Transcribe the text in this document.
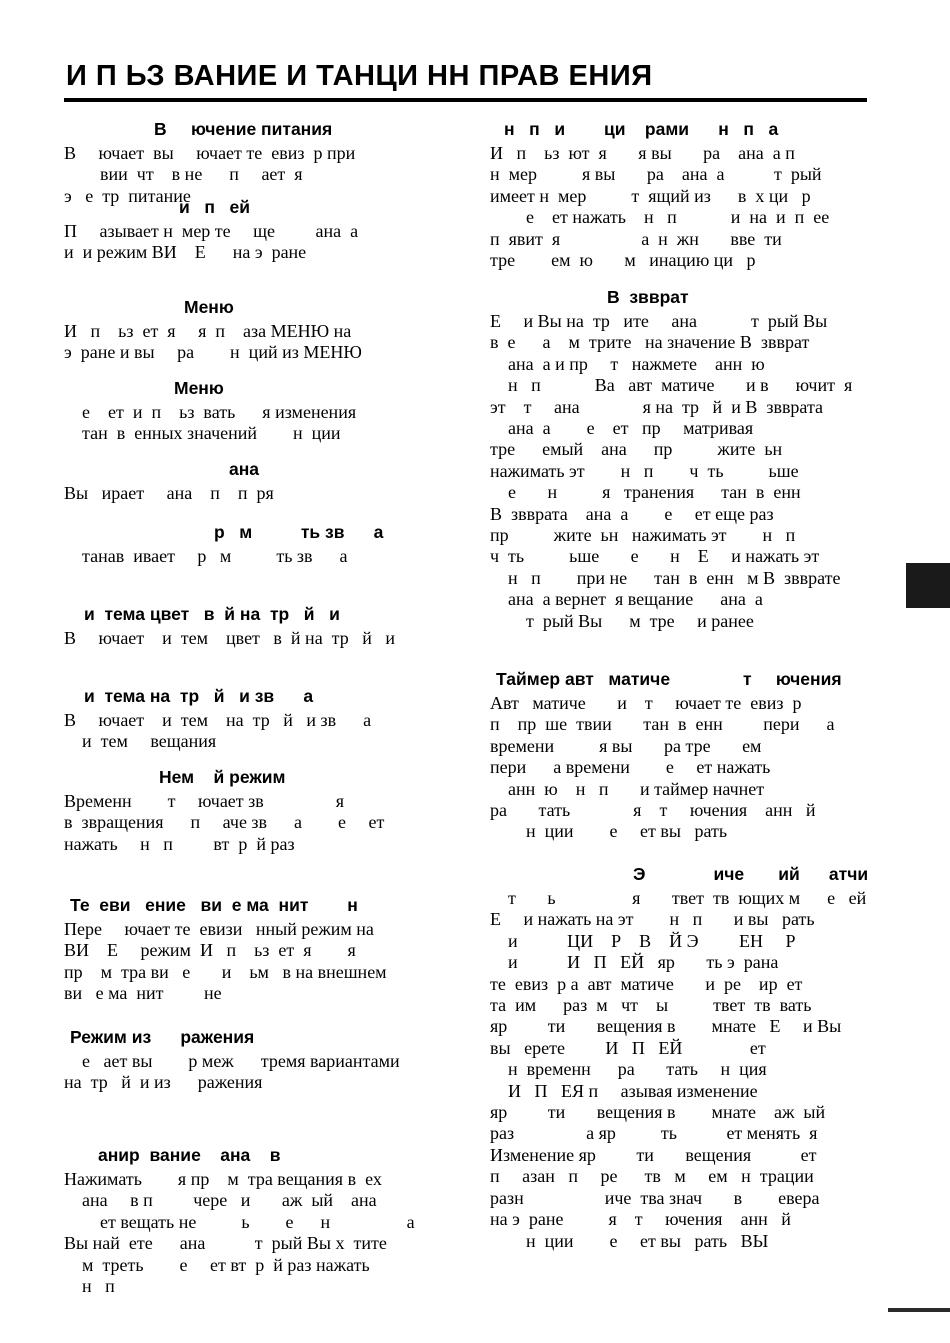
И П ЬЗ ВАНИЕ И ТАНЦИ НН ПРАВ ЕНИЯ
В     ючение питания
В     ючает  вы     ючает те  евиз  р при
вии  чт    в не      п     ает  я
э   е  тр  питание
и   п   ей
П     азывает н  мер те     ще         ана  а
и  и режим ВИ    Е      на э  ране
Меню
И   п    ьз  ет  я     я  п    аза МЕНЮ на
э  ране и вы     ра        н  ций из МЕНЮ
Меню
е    ет  и  п    ьз  вать      я изменения
тан  в  енных значений        н  ции
ана
Вы   ирает     ана    п    п  ря
р   м          ть зв      а
танав  ивает     р   м          ть зв      а
и  тема цвет   в  й на  тр   й   и
В     ючает    и  тем    цвет   в  й на  тр   й   и
и  тема на  тр   й   и зв      а
В     ючает    и  тем    на  тр   й   и зв      а
и  тем     вещания
Нем    й режим
Временн        т     ючает зв                я
в  звращения      п     аче зв      а        е     ет
нажать     н   п         вт  р  й раз
Те  еви   ение   ви  е ма  нит        н
Пере     ючает те  евизи   нный режим на
ВИ    Е     режим  И   п    ьз  ет  я        я
пр    м  тра ви   е       и    ьм   в на внешнем
ви   е ма  нит         не
Режим из      ражения
е   ает вы        р меж      тремя вариантами
на  тр   й  и из      ражения
анир  вание    ана    в
Нажимать        я пр    м  тра вещания в  ех
ана     в п         чере   и       аж  ый    ана
ет вещать не          ь        е      н                 а
Вы най  ете      ана           т  рый Вы х  тите
м  треть        е     ет вт  р  й раз нажать
н   п
н   п   и        ци    рами      н   п   а
И   п    ьз  ют  я       я вы       ра    ана  а п
н  мер          я вы       ра    ана  а           т  рый
имеет н  мер          т  ящий из      в  х ци   р
е    ет нажать    н   п            и  на  и  п  ее
п  явит  я                  а  н  жн       вве  ти
тре        ем  ю       м   инацию ци   р
В  звврат
Е     и Вы на  тр   ите     ана            т  рый Вы
в  е      а    м  трите   на значение В  звврат
ана  а и пр     т   нажмете    анн  ю
н   п            Ва   авт  матиче       и в      ючит  я
эт    т     ана              я на  тр   й  и В  звврата
ана  а        е    ет   пр     матривая
тре      емый    ана      пр          жите  ьн
нажимать эт        н   п        ч  ть          ьше
е       н          я   транения      тан  в  енн
В  звврата    ана  а        е     ет еще раз
пр          жите  ьн   нажимать эт        н   п
ч  ть          ьше       е       н    Е     и нажать эт
н   п        при не      тан  в  енн   м В  звврате
ана  а вернет  я вещание      ана  а
т  рый Вы      м  тре     и ранее
Таймер авт   матиче               т     ючения
Авт   матиче       и    т     ючает те  евиз  р
п    пр  ше  твии       тан  в  енн         пери      а
времени          я вы       ра тре       ем
пери      а времени        е     ет нажать
анн  ю    н   п       и таймер начнет
ра       тать              я    т     ючения    анн   й
н  ции        е     ет вы   рать
Э              иче       ий      атчи
т       ь                 я       твет  тв  ющих м      е   ей
Е     и нажать на эт        н   п       и вы   рать
и           ЦИ    Р    В    Й Э         ЕН     Р
и           И   П   ЕЙ   яр       ть э  рана
те  евиз  р а  авт  матиче       и  ре    ир  ет
та  им      раз  м   чт    ы          твет  тв  вать
яр         ти       вещения в        мнате   Е     и Вы
вы   ерете         И   П   ЕЙ               ет
н  временн      ра       тать     н  ция
И   П   ЕЯ п     азывая изменение
яр         ти       вещения в        мнате    аж  ый
раз                а яр          ть           ет менять  я
Изменение яр         ти       вещения           ет
п     азан   п     ре      тв   м     ем   н  трации
разн                  иче  тва знач       в        евера
на э  ране          я    т     ючения    анн   й
н  ции        е     ет вы   рать   ВЫ
